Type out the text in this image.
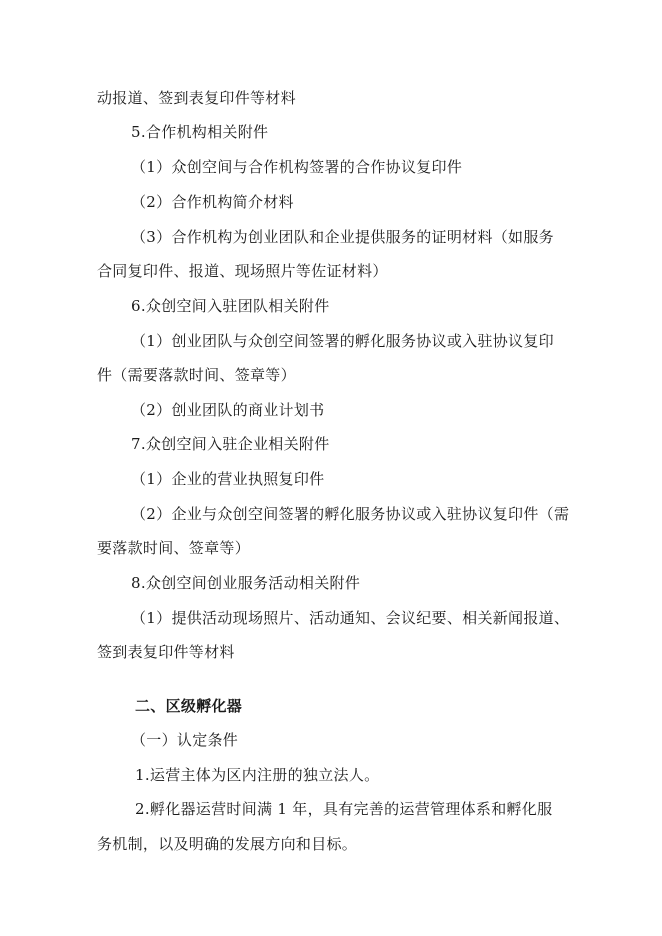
动报道、签到表复印件等材料
5.合作机构相关附件
（1）众创空间与合作机构签署的合作协议复印件
（2）合作机构简介材料
（3）合作机构为创业团队和企业提供服务的证明材料（如服务
合同复印件、报道、现场照片等佐证材料）
6.众创空间入驻团队相关附件
（1）创业团队与众创空间签署的孵化服务协议或入驻协议复印
件（需要落款时间、签章等）
（2）创业团队的商业计划书
7.众创空间入驻企业相关附件
（1）企业的营业执照复印件
（2）企业与众创空间签署的孵化服务协议或入驻协议复印件（需
要落款时间、签章等）
8.众创空间创业服务活动相关附件
（1）提供活动现场照片、活动通知、会议纪要、相关新闻报道、
签到表复印件等材料
二、区级孵化器
（一）认定条件
1.运营主体为区内注册的独立法人。
2.孵化器运营时间满 1 年，具有完善的运营管理体系和孵化服
务机制，以及明确的发展方向和目标。
